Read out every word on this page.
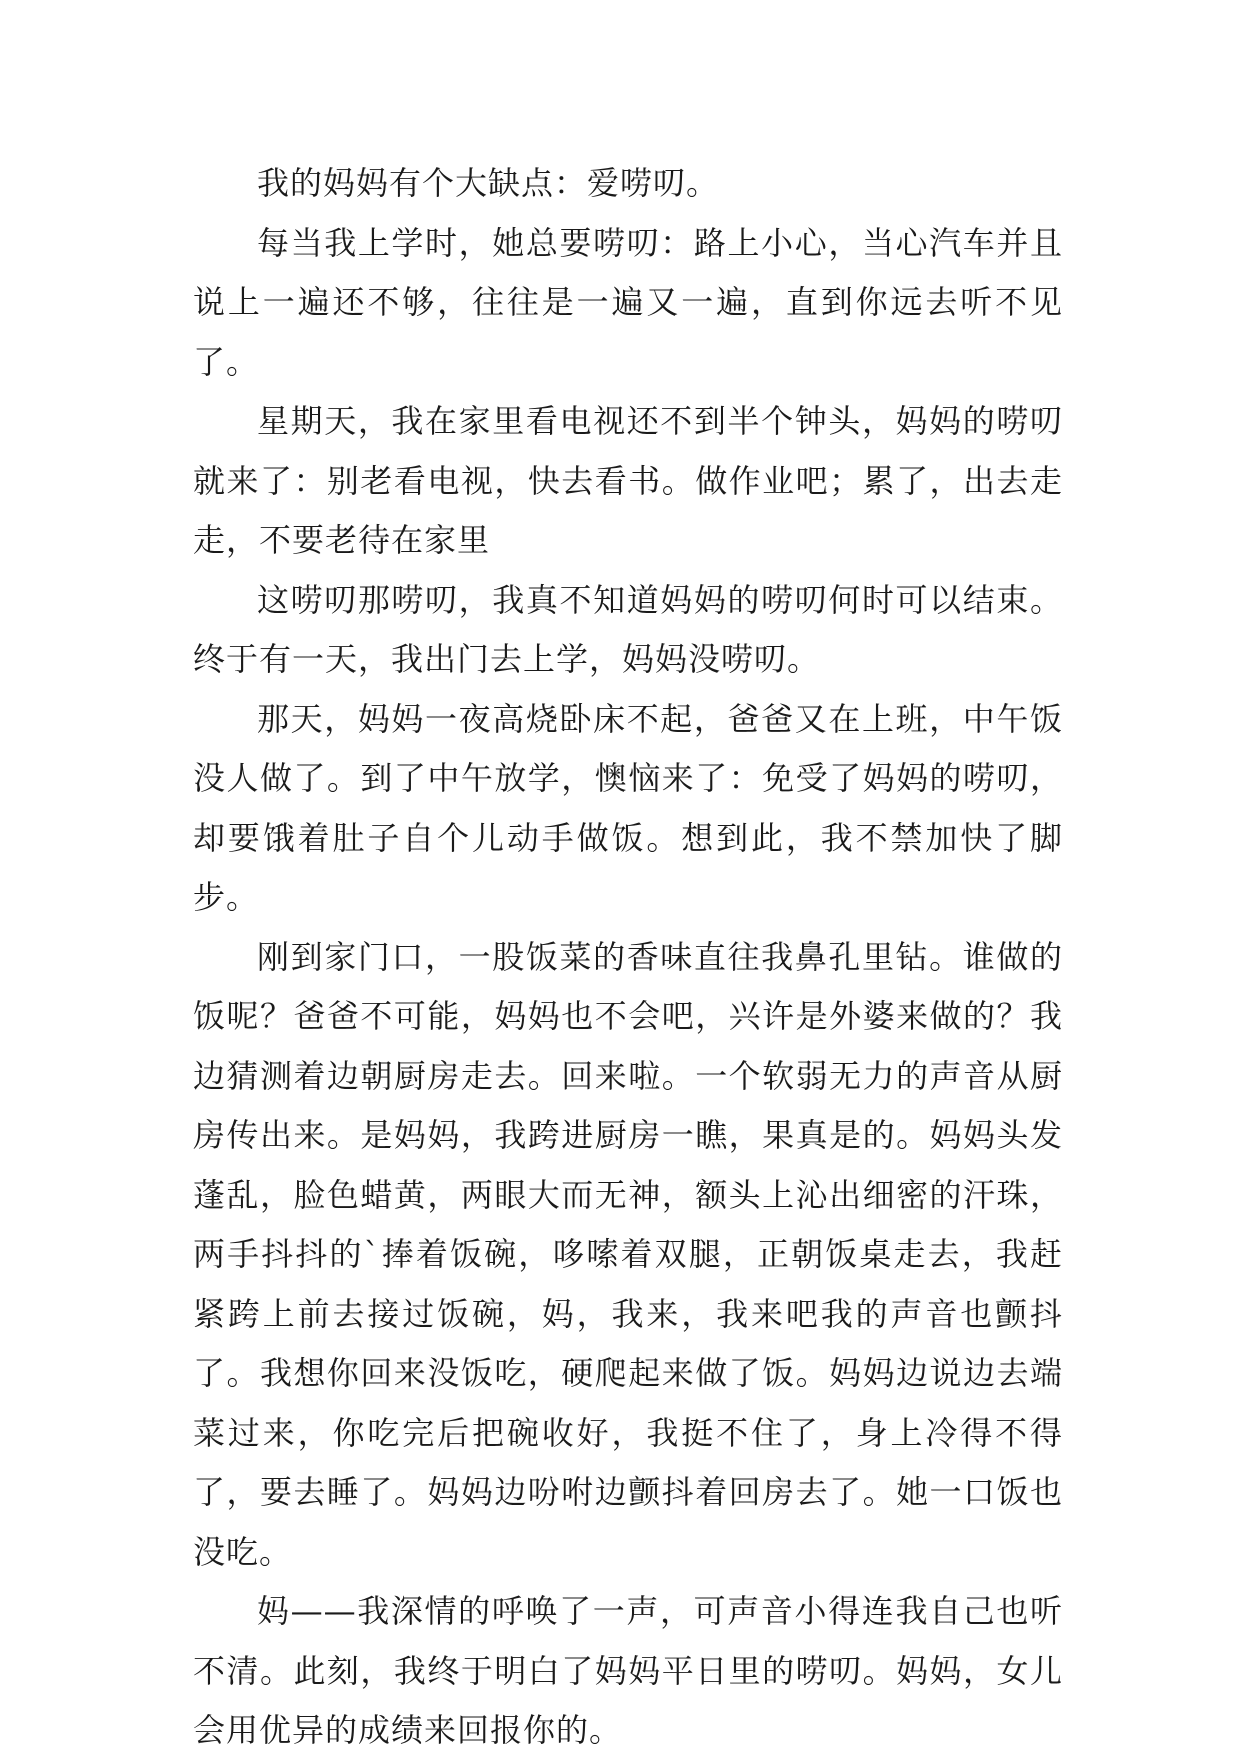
我的妈妈有个大缺点：爱唠叨。

每当我上学时，她总要唠叨：路上小心，当心汽车并且说上一遍还不够，往往是一遍又一遍，直到你远去听不见了。

星期天，我在家里看电视还不到半个钟头，妈妈的唠叨就来了：别老看电视，快去看书。做作业吧；累了，出去走走，不要老待在家里

这唠叨那唠叨，我真不知道妈妈的唠叨何时可以结束。终于有一天，我出门去上学，妈妈没唠叨。

那天，妈妈一夜高烧卧床不起，爸爸又在上班，中午饭没人做了。到了中午放学，懊恼来了：免受了妈妈的唠叨，却要饿着肚子自个儿动手做饭。想到此，我不禁加快了脚步。

刚到家门口，一股饭菜的香味直往我鼻孔里钻。谁做的饭呢？爸爸不可能，妈妈也不会吧，兴许是外婆来做的？我边猜测着边朝厨房走去。回来啦。一个软弱无力的声音从厨房传出来。是妈妈，我跨进厨房一瞧，果真是的。妈妈头发蓬乱，脸色蜡黄，两眼大而无神，额头上沁出细密的汗珠，两手抖抖的`捧着饭碗，哆嗦着双腿，正朝饭桌走去，我赶紧跨上前去接过饭碗，妈，我来，我来吧我的声音也颤抖了。我想你回来没饭吃，硬爬起来做了饭。妈妈边说边去端菜过来，你吃完后把碗收好，我挺不住了，身上冷得不得了，要去睡了。妈妈边吩咐边颤抖着回房去了。她一口饭也没吃。

妈——我深情的呼唤了一声，可声音小得连我自己也听不清。此刻，我终于明白了妈妈平日里的唠叨。妈妈，女儿会用优异的成绩来回报你的。
